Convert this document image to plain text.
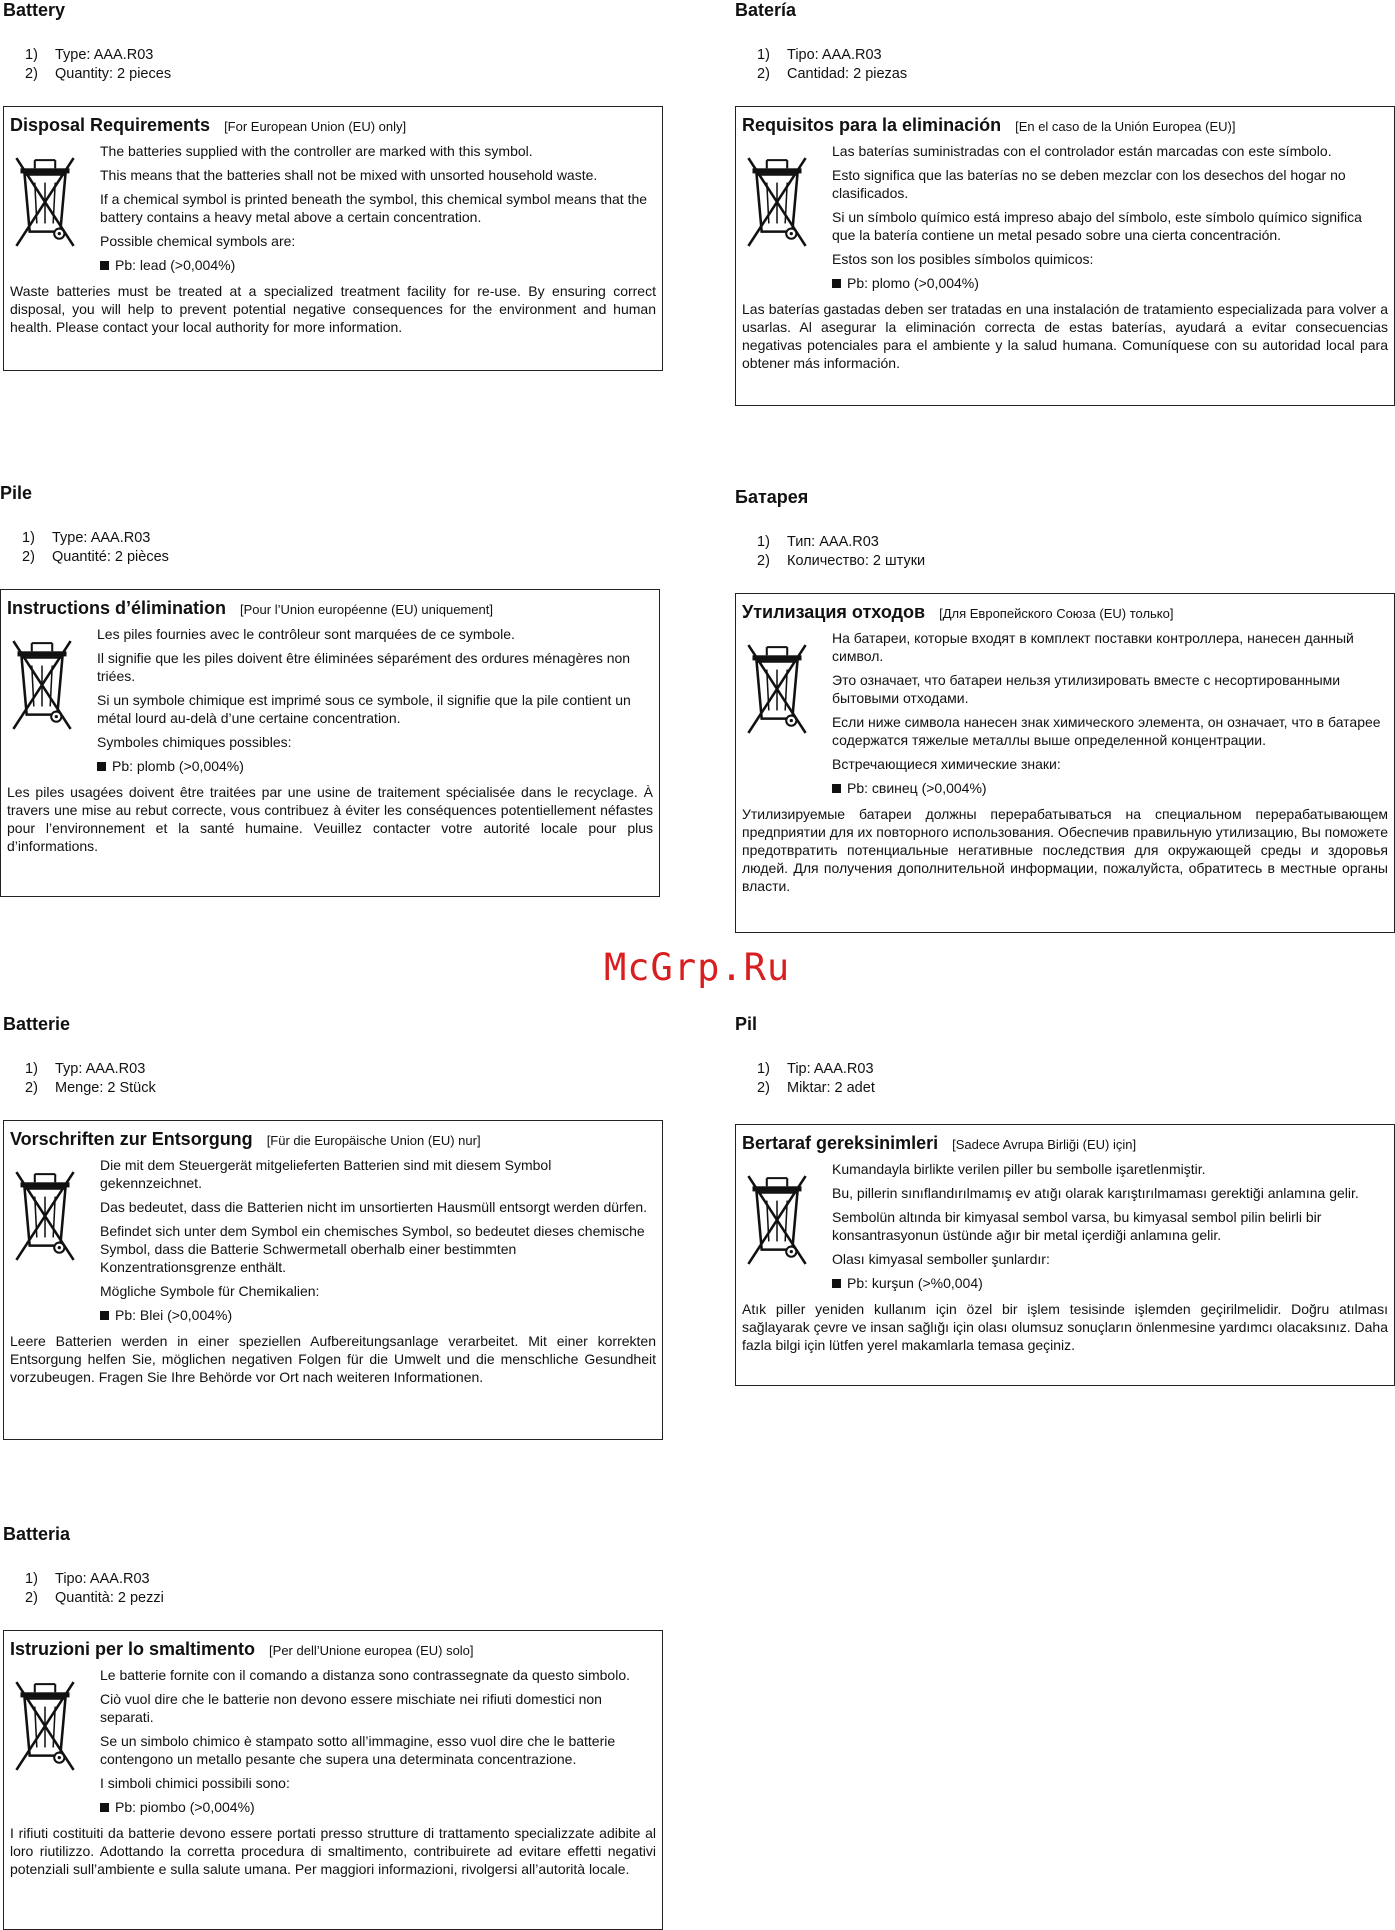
Battery
1)	Type: AAA.R03
2)	Quantity: 2 pieces
Disposal Requirements [For European Union (EU) only]

The batteries supplied with the controller are marked with this symbol.

This means that the batteries shall not be mixed with unsorted household waste.

If a chemical symbol is printed beneath the symbol, this chemical symbol means that the battery contains a heavy metal above a certain concentration.

Possible chemical symbols are:

Pb: lead (>0,004%)
Waste batteries must be treated at a specialized treatment facility for re-use. By ensuring correct disposal, you will help to prevent potential negative consequences for the environment and human health. Please contact your local authority for more information.
Batería
1)	Tipo: AAA.R03
2)	Cantidad: 2 piezas
Requisitos para la eliminación [En el caso de la Unión Europea (EU)]

Las baterías suministradas con el controlador están marcadas con este símbolo.

Esto significa que las baterías no se deben mezclar con los desechos del hogar no clasificados.

Si un símbolo químico está impreso abajo del símbolo, este símbolo químico significa que la batería contiene un metal pesado sobre una cierta concentración.

Estos son los posibles símbolos quimicos:

Pb: plomo (>0,004%)
Las baterías gastadas deben ser tratadas en una instalación de tratamiento especializada para volver a usarlas. Al asegurar la eliminación correcta de estas baterías, ayudará a evitar consecuencias negativas potenciales para el ambiente y la salud humana. Comuníquese con su autoridad local para obtener más información.
Pile
1)	Type: AAA.R03
2)	Quantité: 2 pièces
Instructions d’élimination [Pour l’Union européenne (EU) uniquement]

Les piles fournies avec le contrôleur sont marquées de ce symbole.

Il signifie que les piles doivent être éliminées séparément des ordures ménagères non triées.

Si un symbole chimique est imprimé sous ce symbole, il signifie que la pile contient un métal lourd au-delà d’une certaine concentration.

Symboles chimiques possibles:

Pb: plomb (>0,004%)
Les piles usagées doivent être traitées par une usine de traitement spécialisée dans le recyclage. À travers une mise au rebut correcte, vous contribuez à éviter les conséquences potentiellement néfastes pour l’environnement et la santé humaine. Veuillez contacter votre autorité locale pour plus d’informations.
Батарея
1)	Тип: AAA.R03
2)	Количество: 2 штуки
Утилизация отходов [Для Европейского Союза (EU) только]

На батареи, которые входят в комплект поставки контроллера, нанесен данный символ.

Это означает, что батареи нельзя утилизировать вместе с несортированными бытовыми отходами.

Если ниже символа нанесен знак химического элемента, он означает, что в батарее содержатся тяжелые металлы выше определенной концентрации.

Встречающиеся химические знаки:

Pb: свинец (>0,004%)
Утилизируемые батареи должны перерабатываться на специальном перерабатывающем предприятии для их повторного использования. Обеспечив правильную утилизацию, Вы поможете предотвратить потенциальные негативные последствия для окружающей среды и здоровья людей. Для получения дополнительной информации, пожалуйста, обратитесь в местные органы власти.
McGrp.Ru
Batterie
1)	Typ: AAA.R03
2)	Menge: 2 Stück
Vorschriften zur Entsorgung [Für die Europäische Union (EU) nur]

Die mit dem Steuergerät mitgelieferten Batterien sind mit diesem Symbol gekennzeichnet.

Das bedeutet, dass die Batterien nicht im unsortierten Hausmüll entsorgt werden dürfen.

Befindet sich unter dem Symbol ein chemisches Symbol, so bedeutet dieses chemische Symbol, dass die Batterie Schwermetall oberhalb einer bestimmten Konzentrationsgrenze enthält.

Mögliche Symbole für Chemikalien:

Pb: Blei (>0,004%)
Leere Batterien werden in einer speziellen Aufbereitungsanlage verarbeitet. Mit einer korrekten Entsorgung helfen Sie, möglichen negativen Folgen für die Umwelt und die menschliche Gesundheit vorzubeugen. Fragen Sie Ihre Behörde vor Ort nach weiteren Informationen.
Pil
1)	Tip: AAA.R03
2)	Miktar: 2 adet
Bertaraf gereksinimleri [Sadece Avrupa Birliği (EU) için]

Kumandayla birlikte verilen piller bu sembolle işaretlenmiştir.

Bu, pillerin sınıflandırılmamış ev atığı olarak karıştırılmaması gerektiği anlamına gelir.

Sembolün altında bir kimyasal sembol varsa, bu kimyasal sembol pilin belirli bir konsantrasyonun üstünde ağır bir metal içerdiği anlamına gelir.

Olası kimyasal semboller şunlardır:

Pb: kurşun (>%0,004)
Atık piller yeniden kullanım için özel bir işlem tesisinde işlemden geçirilmelidir. Doğru atılması sağlayarak çevre ve insan sağlığı için olası olumsuz sonuçların önlenmesine yardımcı olacaksınız. Daha fazla bilgi için lütfen yerel makamlarla temasa geçiniz.
Batteria
1)	Tipo: AAA.R03
2)	Quantità: 2 pezzi
Istruzioni per lo smaltimento [Per dell’Unione europea (EU) solo]

Le batterie fornite con il comando a distanza sono contrassegnate da questo simbolo.

Ciò vuol dire che le batterie non devono essere mischiate nei rifiuti domestici non separati.

Se un simbolo chimico è stampato sotto all’immagine, esso vuol dire che le batterie contengono un metallo pesante che supera una determinata concentrazione.

I simboli chimici possibili sono:

Pb: piombo (>0,004%)
I rifiuti costituiti da batterie devono essere portati presso strutture di trattamento specializzate adibite al loro riutilizzo. Adottando la corretta procedura di smaltimento, contribuirete ad evitare effetti negativi potenziali sull’ambiente e sulla salute umana. Per maggiori informazioni, rivolgersi all’autorità locale.
